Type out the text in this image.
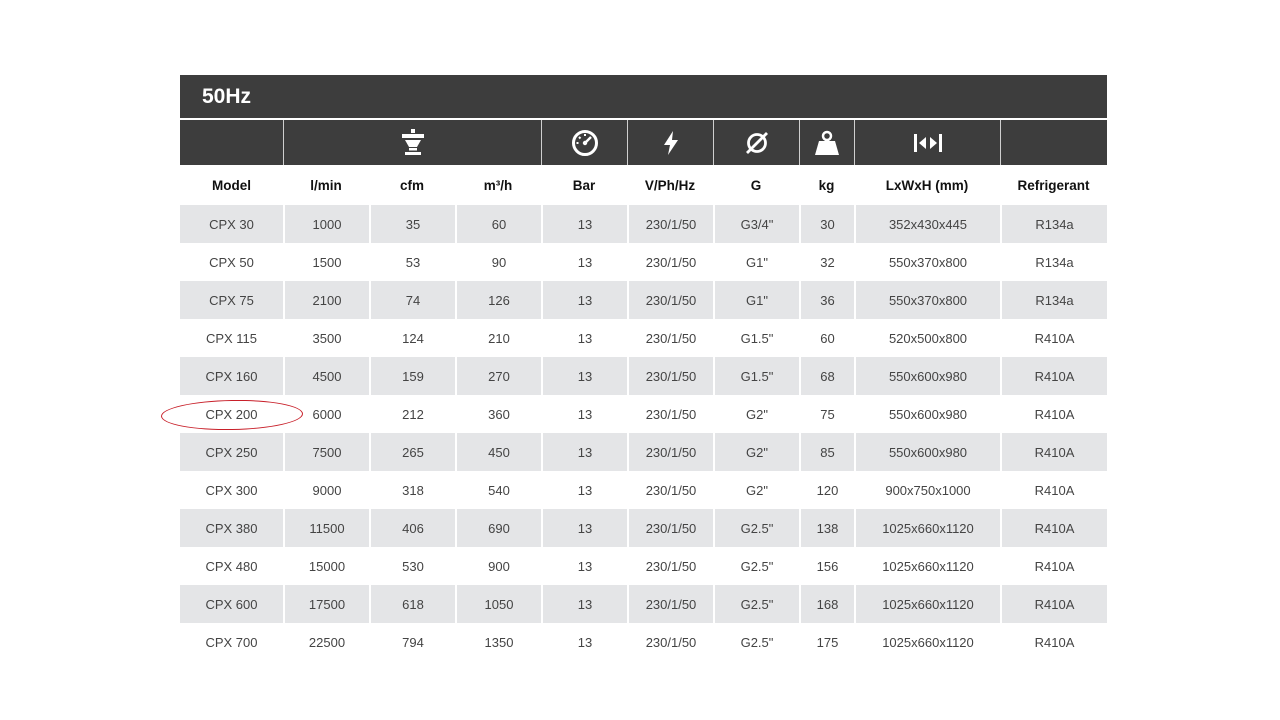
50Hz
Model	l/min	cfm	m³/h	Bar	V/Ph/Hz	G	kg	LxWxH (mm)	Refrigerant
CPX 30	1000	35	60	13	230/1/50	G3/4"	30	352x430x445	R134a
CPX 50	1500	53	90	13	230/1/50	G1"	32	550x370x800	R134a
CPX 75	2100	74	126	13	230/1/50	G1"	36	550x370x800	R134a
CPX 115	3500	124	210	13	230/1/50	G1.5"	60	520x500x800	R410A
CPX 160	4500	159	270	13	230/1/50	G1.5"	68	550x600x980	R410A
CPX 200	6000	212	360	13	230/1/50	G2"	75	550x600x980	R410A
CPX 250	7500	265	450	13	230/1/50	G2"	85	550x600x980	R410A
CPX 300	9000	318	540	13	230/1/50	G2"	120	900x750x1000	R410A
CPX 380	11500	406	690	13	230/1/50	G2.5"	138	1025x660x1120	R410A
CPX 480	15000	530	900	13	230/1/50	G2.5"	156	1025x660x1120	R410A
CPX 600	17500	618	1050	13	230/1/50	G2.5"	168	1025x660x1120	R410A
CPX 700	22500	794	1350	13	230/1/50	G2.5"	175	1025x660x1120	R410A
